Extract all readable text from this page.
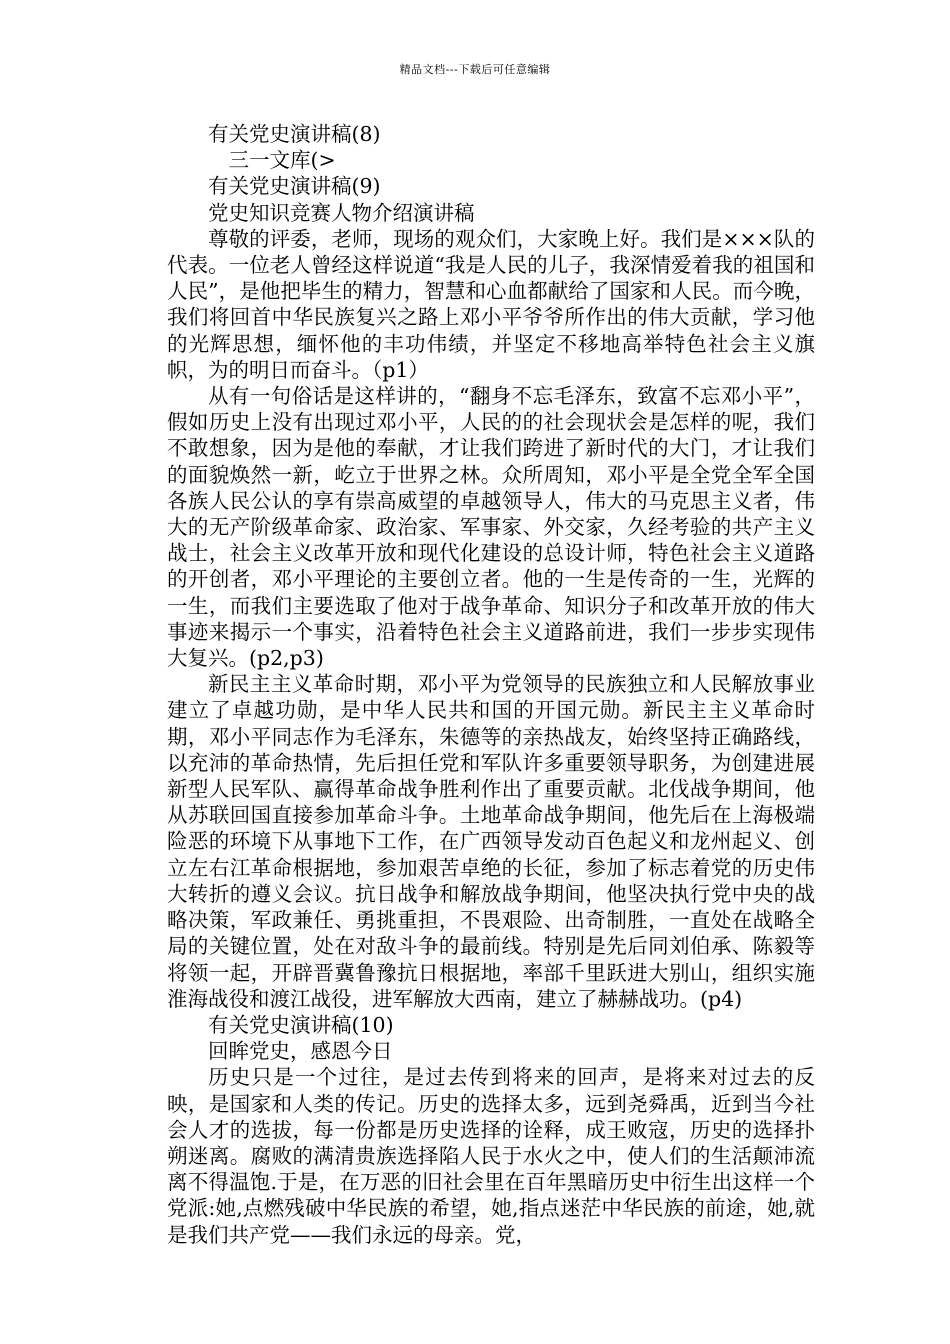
精品文档---下载后可任意编辑

有关党史演讲稿(8)

三一文库(>

有关党史演讲稿(9)

党史知识竞赛人物介绍演讲稿

尊敬的评委，老师，现场的观众们，大家晚上好。我们是×××队的代表。一位老人曾经这样说道“我是人民的儿子，我深情爱着我的祖国和人民”，是他把毕生的精力，智慧和心血都献给了国家和人民。而今晚，我们将回首中华民族复兴之路上邓小平爷爷所作出的伟大贡献，学习他的光辉思想，缅怀他的丰功伟绩，并坚定不移地高举特色社会主义旗帜，为的明日而奋斗。（p1）

从有一句俗话是这样讲的，“翻身不忘毛泽东，致富不忘邓小平”，假如历史上没有出现过邓小平，人民的的社会现状会是怎样的呢，我们不敢想象，因为是他的奉献，才让我们跨进了新时代的大门，才让我们的面貌焕然一新，屹立于世界之林。众所周知，邓小平是全党全军全国各族人民公认的享有崇高威望的卓越领导人，伟大的马克思主义者，伟大的无产阶级革命家、政治家、军事家、外交家，久经考验的共产主义战士，社会主义改革开放和现代化建设的总设计师，特色社会主义道路的开创者，邓小平理论的主要创立者。他的一生是传奇的一生，光辉的一生，而我们主要选取了他对于战争革命、知识分子和改革开放的伟大事迹来揭示一个事实，沿着特色社会主义道路前进，我们一步步实现伟大复兴。(p2,p3)

新民主主义革命时期，邓小平为党领导的民族独立和人民解放事业建立了卓越功勋，是中华人民共和国的开国元勋。新民主主义革命时期，邓小平同志作为毛泽东，朱德等的亲热战友，始终坚持正确路线，以充沛的革命热情，先后担任党和军队许多重要领导职务，为创建进展新型人民军队、赢得革命战争胜利作出了重要贡献。北伐战争期间，他从苏联回国直接参加革命斗争。土地革命战争期间，他先后在上海极端险恶的环境下从事地下工作，在广西领导发动百色起义和龙州起义、创立左右江革命根据地，参加艰苦卓绝的长征，参加了标志着党的历史伟大转折的遵义会议。抗日战争和解放战争期间，他坚决执行党中央的战略决策，军政兼任、勇挑重担，不畏艰险、出奇制胜，一直处在战略全局的关键位置，处在对敌斗争的最前线。特别是先后同刘伯承、陈毅等将领一起，开辟晋冀鲁豫抗日根据地，率部千里跃进大别山，组织实施淮海战役和渡江战役，进军解放大西南，建立了赫赫战功。(p4)

有关党史演讲稿(10)

回眸党史，感恩今日

历史只是一个过往，是过去传到将来的回声，是将来对过去的反映，是国家和人类的传记。历史的选择太多，远到尧舜禹，近到当今社会人才的选拔，每一份都是历史选择的诠释，成王败寇，历史的选择扑朔迷离。腐败的满清贵族选择陷人民于水火之中，使人们的生活颠沛流离不得温饱.于是，在万恶的旧社会里在百年黑暗历史中衍生出这样一个党派:她,点燃残破中华民族的希望，她,指点迷茫中华民族的前途，她,就是我们共产党——我们永远的母亲。党，
